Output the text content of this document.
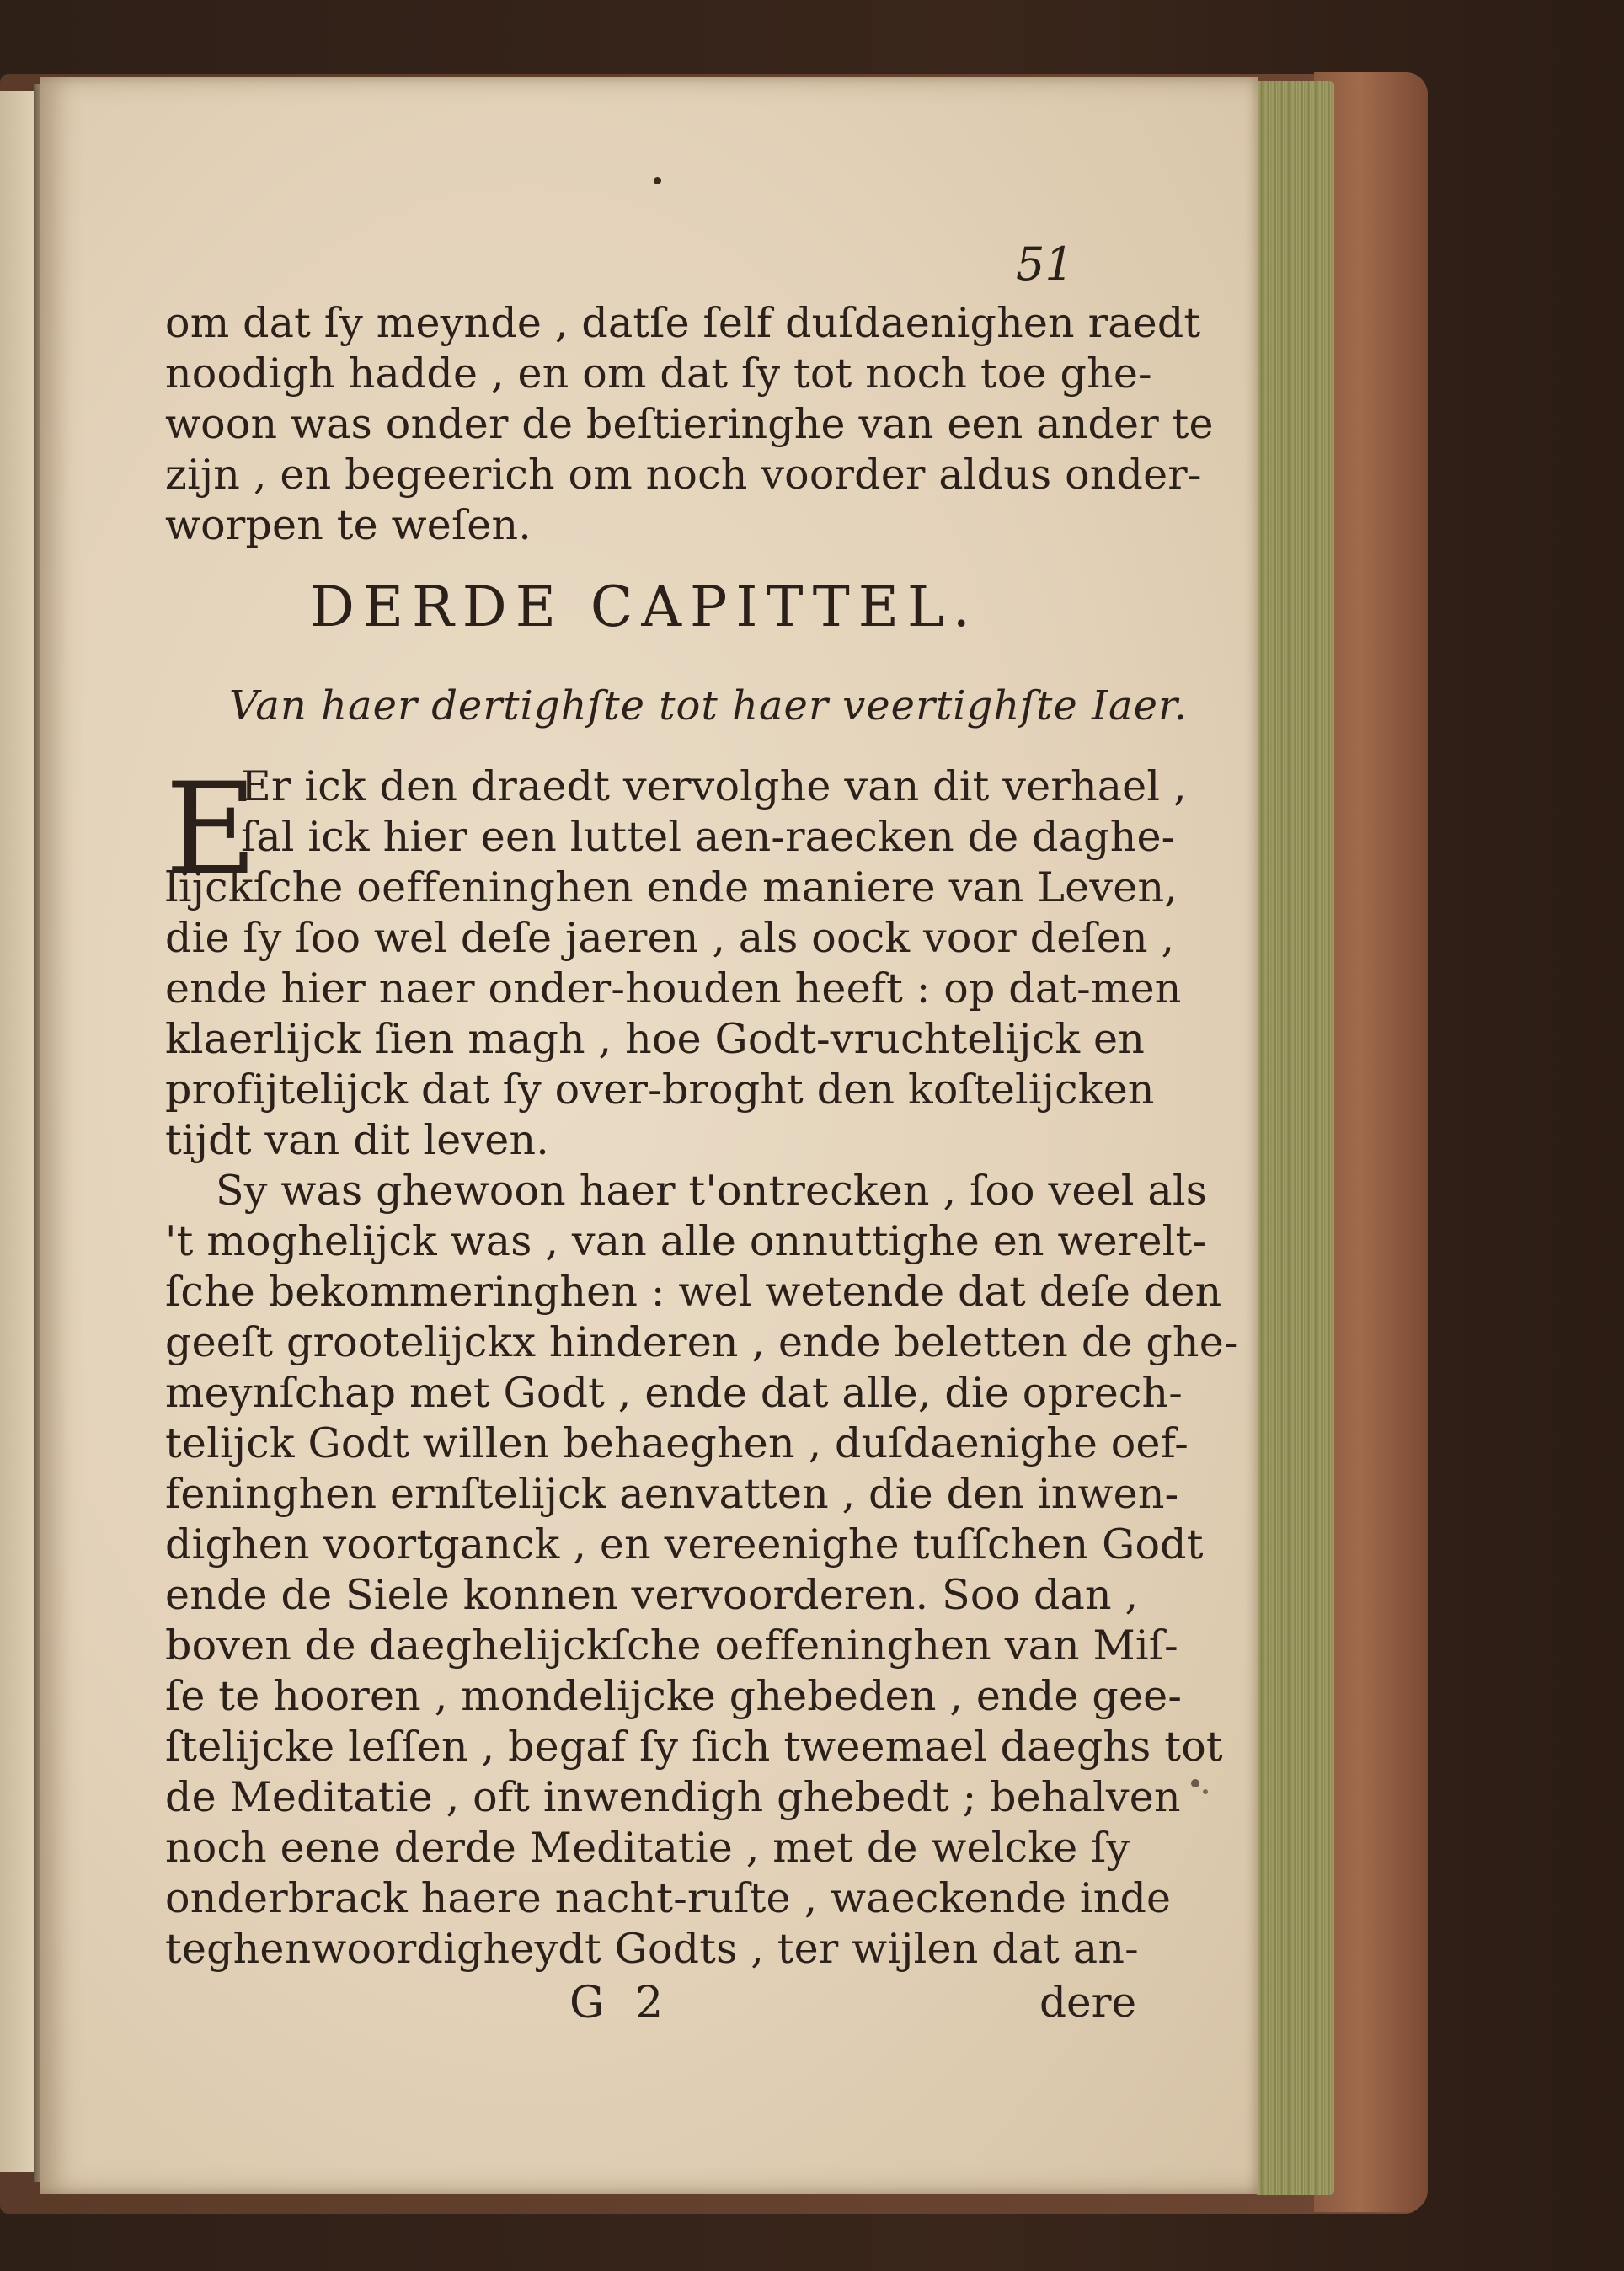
51
om dat ſy meynde , datſe ſelf duſdaenighen raedt
noodigh hadde , en om dat ſy tot noch toe ghe-
woon was onder de beſtieringhe van een ander te
zijn , en begeerich om noch voorder aldus onder-
worpen te weſen.
DERDE CAPITTEL.
Van haer dertighſte tot haer veertighſte Iaer.
E
Er ick den draedt vervolghe van dit verhael ,
ſal ick hier een luttel aen-raecken de daghe-
lijckſche oeffeninghen ende maniere van Leven,
die ſy ſoo wel deſe jaeren , als oock voor deſen ,
ende hier naer onder-houden heeft : op dat-men
klaerlijck ſien magh , hoe Godt-vruchtelijck en
profijtelijck dat ſy over-broght den koſtelijcken
tijdt van dit leven.
Sy was ghewoon haer t'ontrecken , ſoo veel als
't moghelijck was , van alle onnuttighe en werelt-
ſche bekommeringhen : wel wetende dat deſe den
geeſt grootelijckx hinderen , ende beletten de ghe-
meynſchap met Godt , ende dat alle, die oprech-
telijck Godt willen behaeghen , duſdaenighe oef-
feninghen ernſtelijck aenvatten , die den inwen-
dighen voortganck , en vereenighe tuſſchen Godt
ende de Siele konnen vervoorderen. Soo dan ,
boven de daeghelijckſche oeffeninghen van Miſ-
ſe te hooren , mondelijcke ghebeden , ende gee-
ſtelijcke leſſen , begaf ſy ſich tweemael daeghs tot
de Meditatie , oft inwendigh ghebedt ; behalven
noch eene derde Meditatie , met de welcke ſy
onderbrack haere nacht-ruſte , waeckende inde
teghenwoordigheydt Godts , ter wijlen dat an-
G 2	dere
